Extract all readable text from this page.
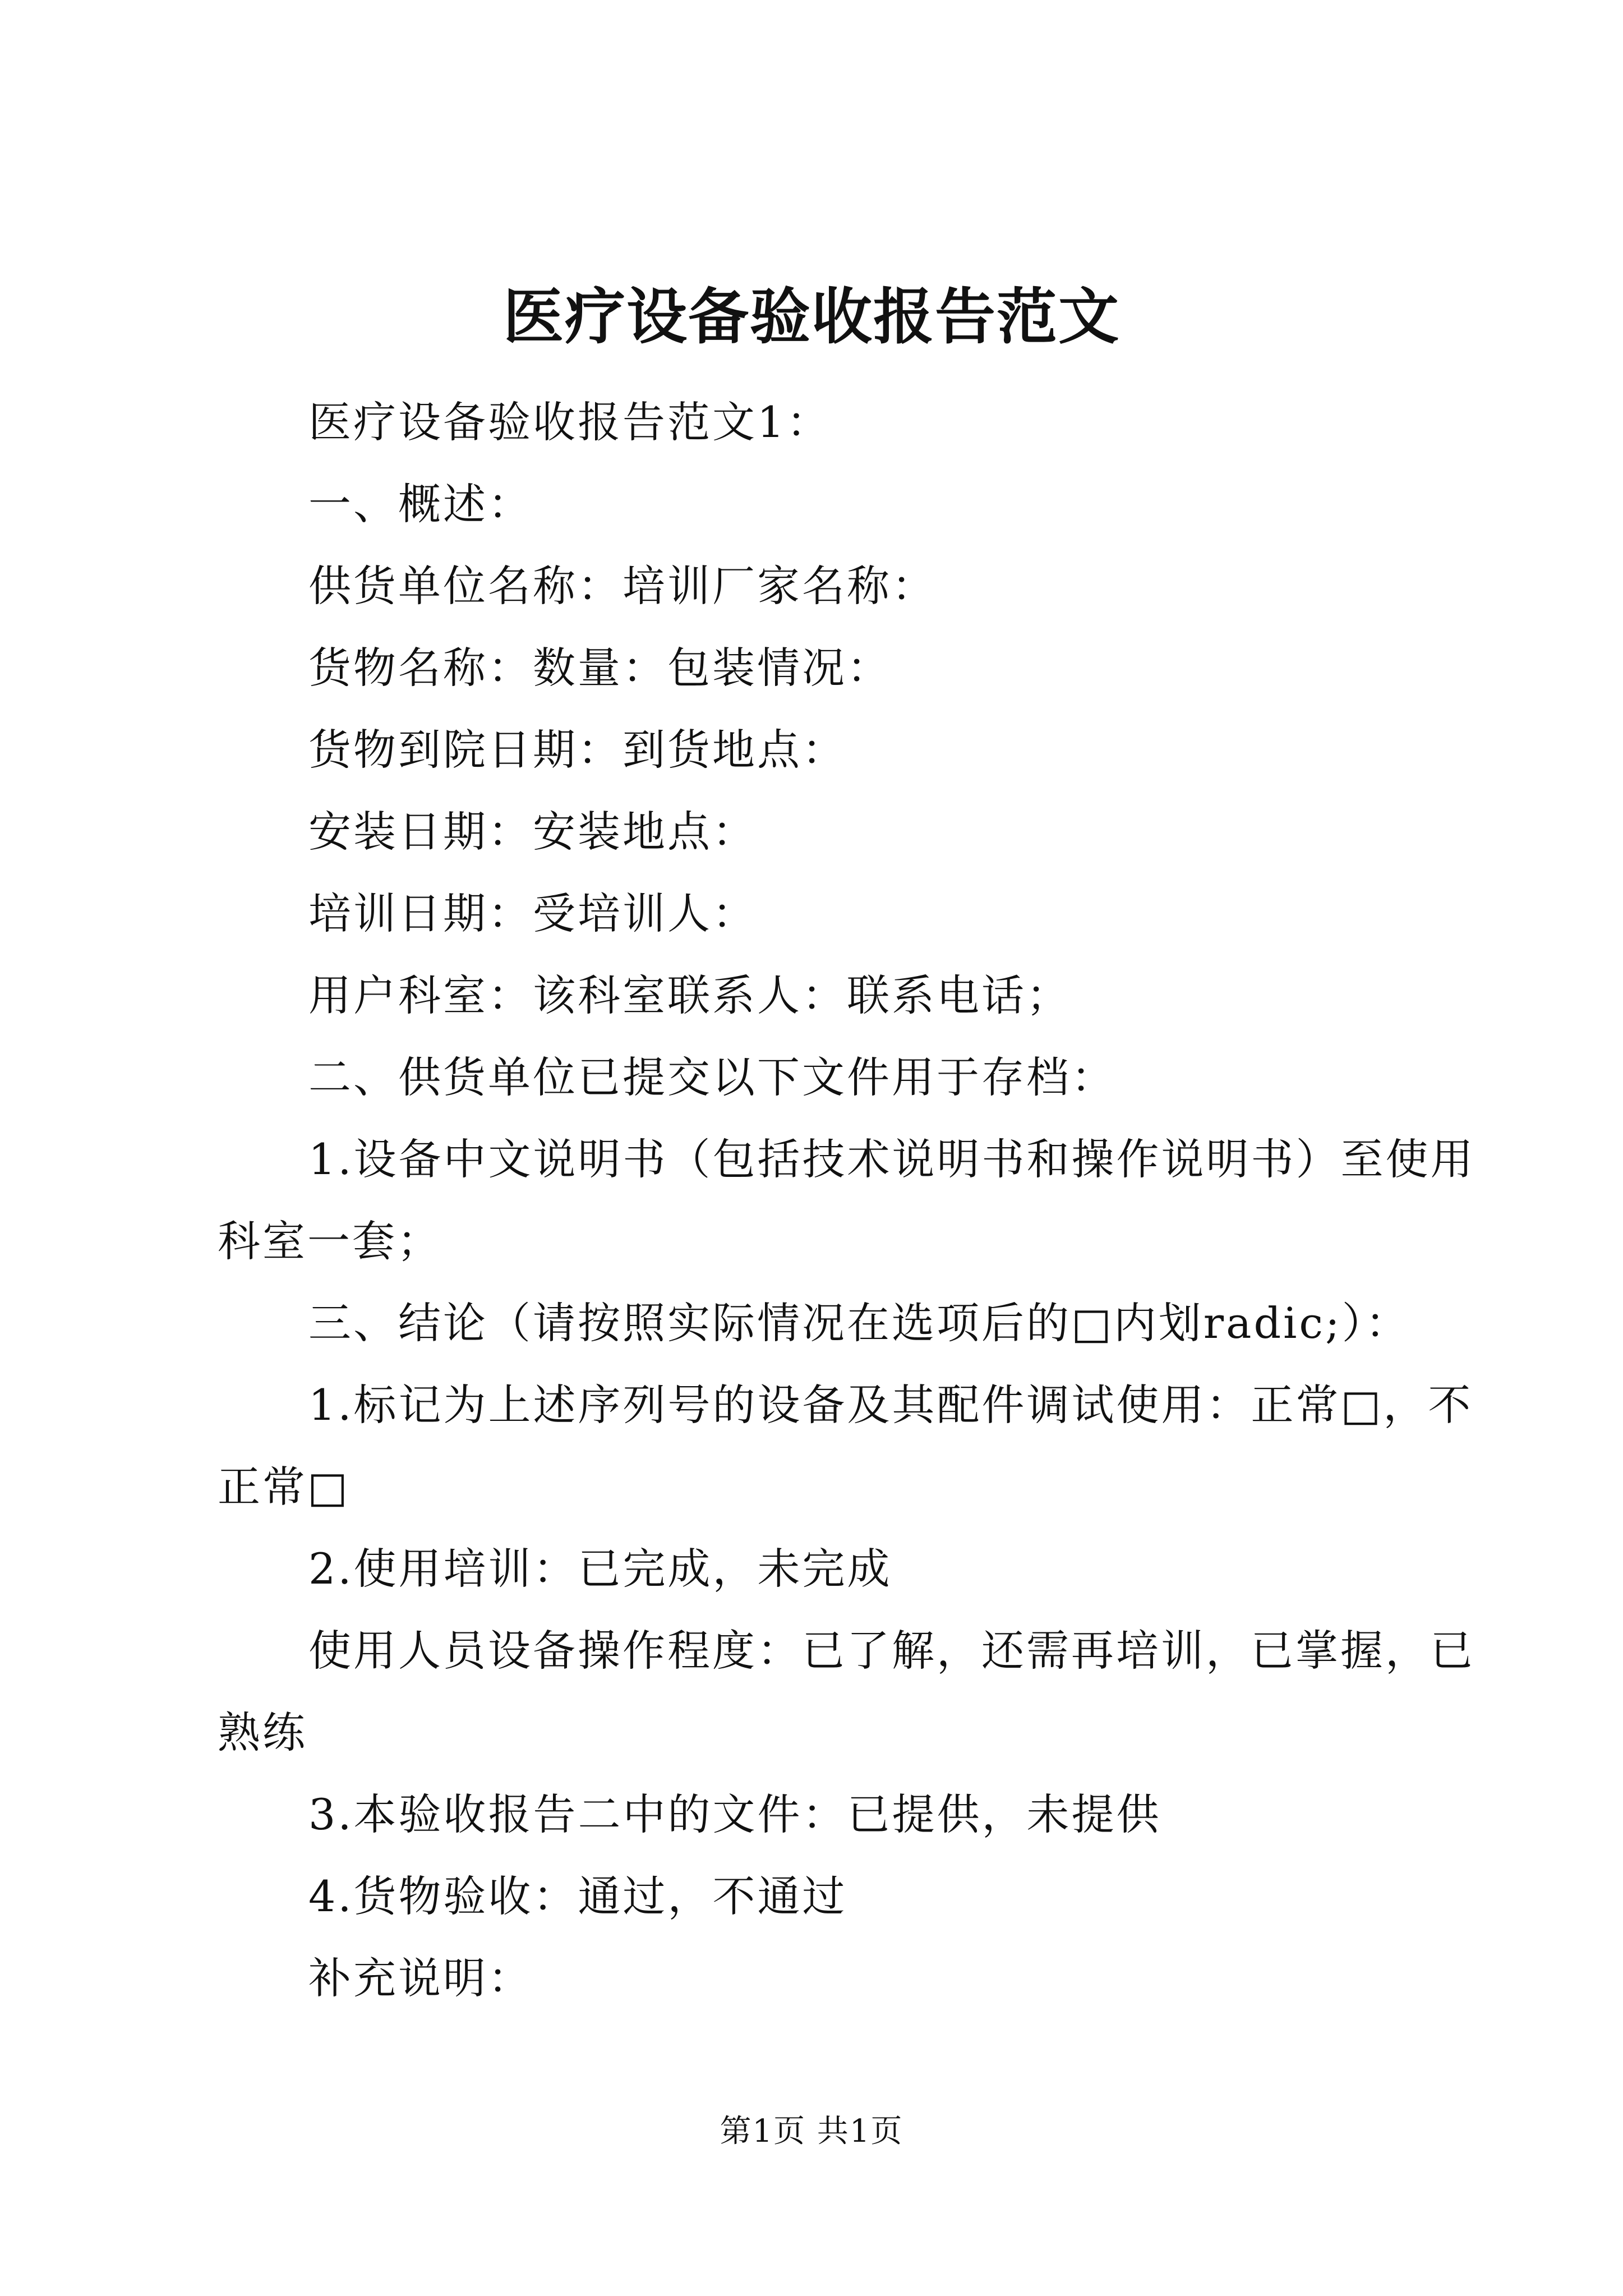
医疗设备验收报告范文
医疗设备验收报告范文1：
一、概述：
供货单位名称：培训厂家名称：
货物名称：数量：包装情况：
货物到院日期：到货地点：
安装日期：安装地点：
培训日期：受培训人：
用户科室：该科室联系人：联系电话；
二、供货单位已提交以下文件用于存档：
1.设备中文说明书（包括技术说明书和操作说明书）至使用
科室一套；
三、结论（请按照实际情况在选项后的□内划radic;）：
1.标记为上述序列号的设备及其配件调试使用：正常□，不
正常□
2.使用培训：已完成，未完成
使用人员设备操作程度：已了解，还需再培训，已掌握，已
熟练
3.本验收报告二中的文件：已提供，未提供
4.货物验收：通过，不通过
补充说明：
第1页 共1页
